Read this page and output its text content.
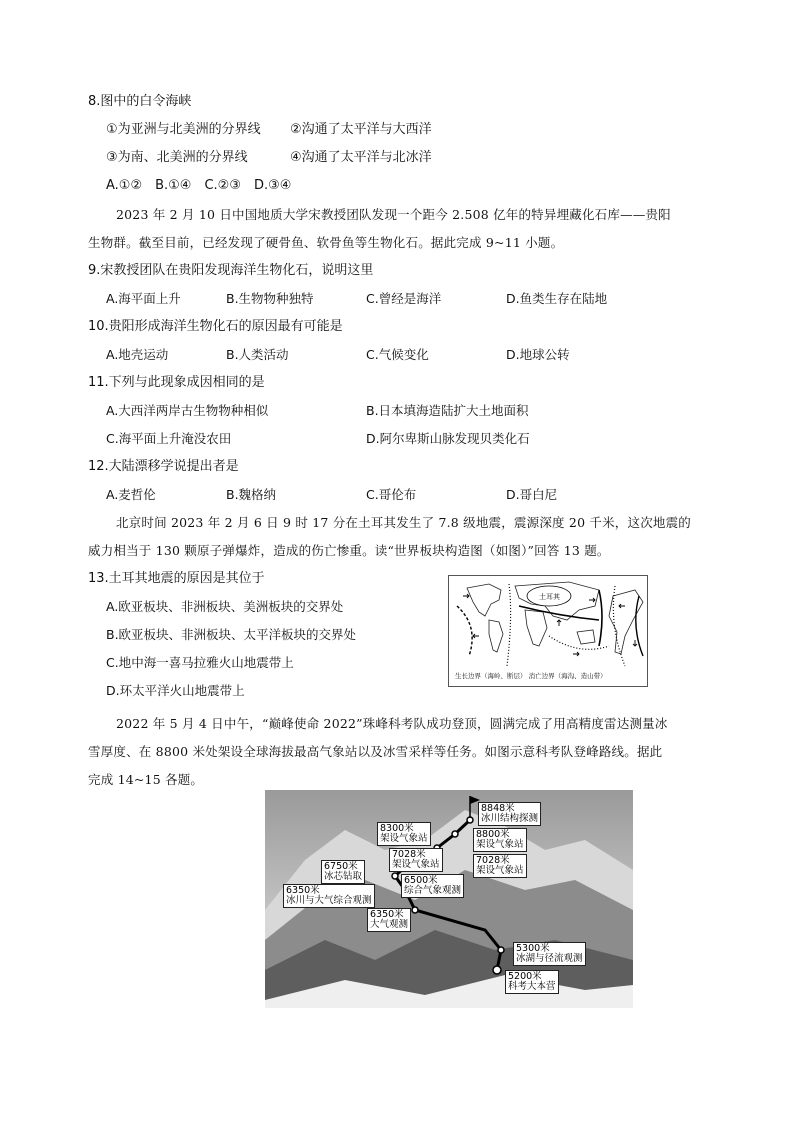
8.图中的白令海峡
①为亚洲与北美洲的分界线 ②沟通了太平洋与大西洋
③为南、北美洲的分界线	④沟通了太平洋与北冰洋
A.①②　B.①④　C.②③　D.③④
2023 年 2 月 10 日中国地质大学宋教授团队发现一个距今 2.508 亿年的特异埋藏化石库——贵阳
生物群。截至目前，已经发现了硬骨鱼、软骨鱼等生物化石。据此完成 9~11 小题。
9.宋教授团队在贵阳发现海洋生物化石，说明这里
A.海平面上升	B.生物物种独特	C.曾经是海洋	D.鱼类生存在陆地
10.贵阳形成海洋生物化石的原因最有可能是
A.地壳运动	B.人类活动	C.气候变化	D.地球公转
11.下列与此现象成因相同的是
A.大西洋两岸古生物物种相似	B.日本填海造陆扩大土地面积
C.海平面上升淹没农田	D.阿尔卑斯山脉发现贝类化石
12.大陆漂移学说提出者是
A.麦哲伦	B.魏格纳	C.哥伦布	D.哥白尼
北京时间 2023 年 2 月 6 日 9 时 17 分在土耳其发生了 7.8 级地震，震源深度 20 千米，这次地震的
威力相当于 130 颗原子弹爆炸，造成的伤亡惨重。读“世界板块构造图（如图）”回答 13 题。
13.土耳其地震的原因是其位于
A.欧亚板块、非洲板块、美洲板块的交界处
B.欧亚板块、非洲板块、太平洋板块的交界处
C.地中海一喜马拉雅火山地震带上
D.环太平洋火山地震带上
土耳其
生长边界（海岭、断层） 消亡边界（海沟、造山带）
2022 年 5 月 4 日中午，“巅峰使命 2022”珠峰科考队成功登顶，圆满完成了用高精度雷达测量冰
雪厚度、在 8800 米处架设全球海拔最高气象站以及冰雪采样等任务。如图示意科考队登峰路线。据此
完成 14~15 各题。
8848米
冰川结构探测
8300米
架设气象站	8800米
架设气象站
7028米
架设气象站	7028米
架设气象站
6750米
冰芯钻取	6500米
综合气象观测
6350米
冰川与大气综合观测
6350米
大气观测
5300米
冰湖与径流观测
5200米
科考大本营
